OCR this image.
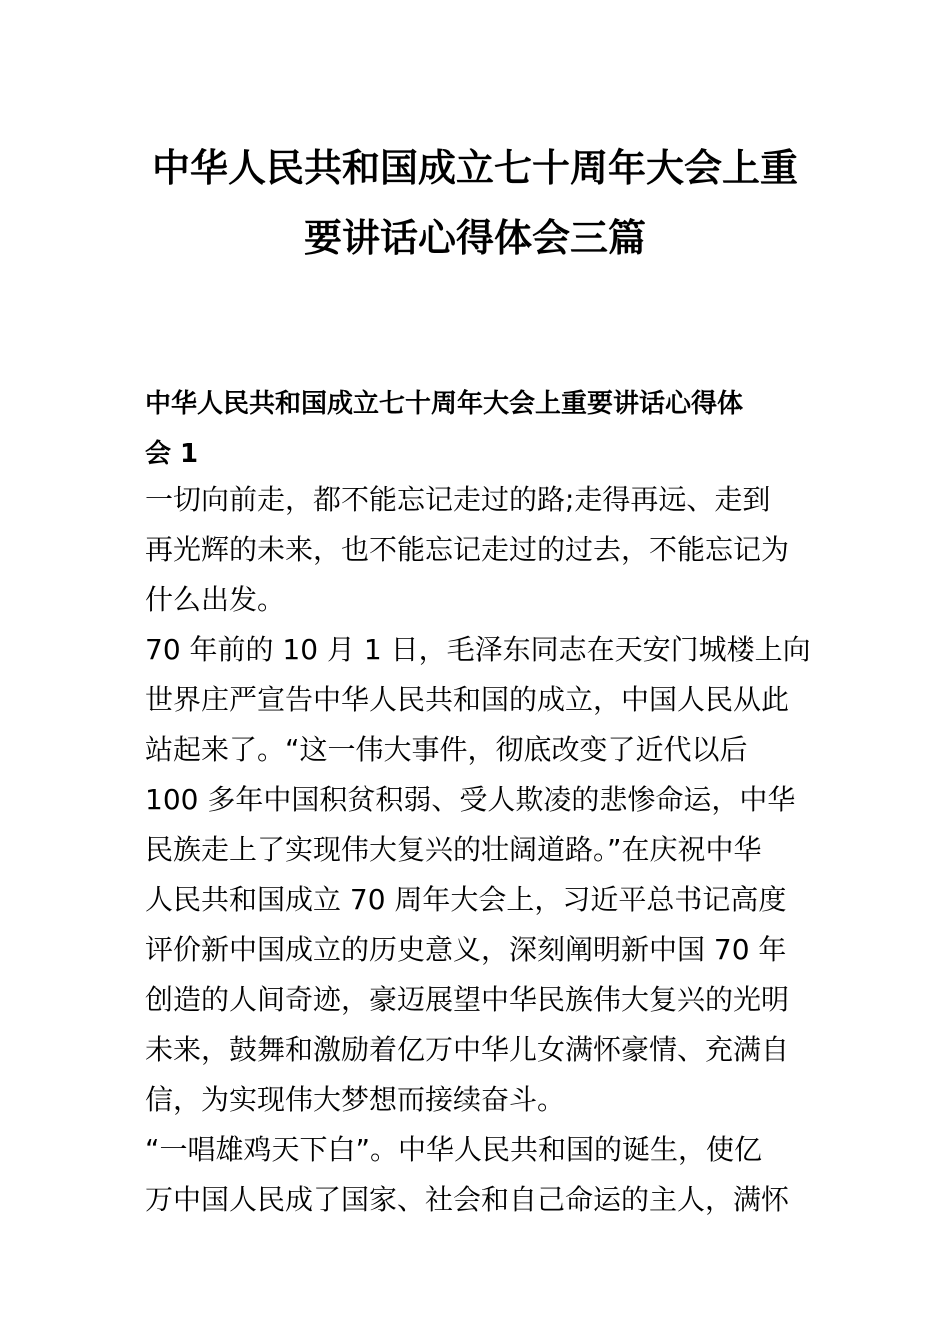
中华人民共和国成立七十周年大会上重
要讲话心得体会三篇
中华人民共和国成立七十周年大会上重要讲话心得体
会 1
一切向前走，都不能忘记走过的路;走得再远、走到
再光辉的未来，也不能忘记走过的过去，不能忘记为
什么出发。
70 年前的 10 月 1 日，毛泽东同志在天安门城楼上向
世界庄严宣告中华人民共和国的成立，中国人民从此
站起来了。“这一伟大事件，彻底改变了近代以后
100 多年中国积贫积弱、受人欺凌的悲惨命运，中华
民族走上了实现伟大复兴的壮阔道路。”在庆祝中华
人民共和国成立 70 周年大会上，习近平总书记高度
评价新中国成立的历史意义，深刻阐明新中国 70 年
创造的人间奇迹，豪迈展望中华民族伟大复兴的光明
未来，鼓舞和激励着亿万中华儿女满怀豪情、充满自
信，为实现伟大梦想而接续奋斗。
“一唱雄鸡天下白”。中华人民共和国的诞生，使亿
万中国人民成了国家、社会和自己命运的主人，满怀
